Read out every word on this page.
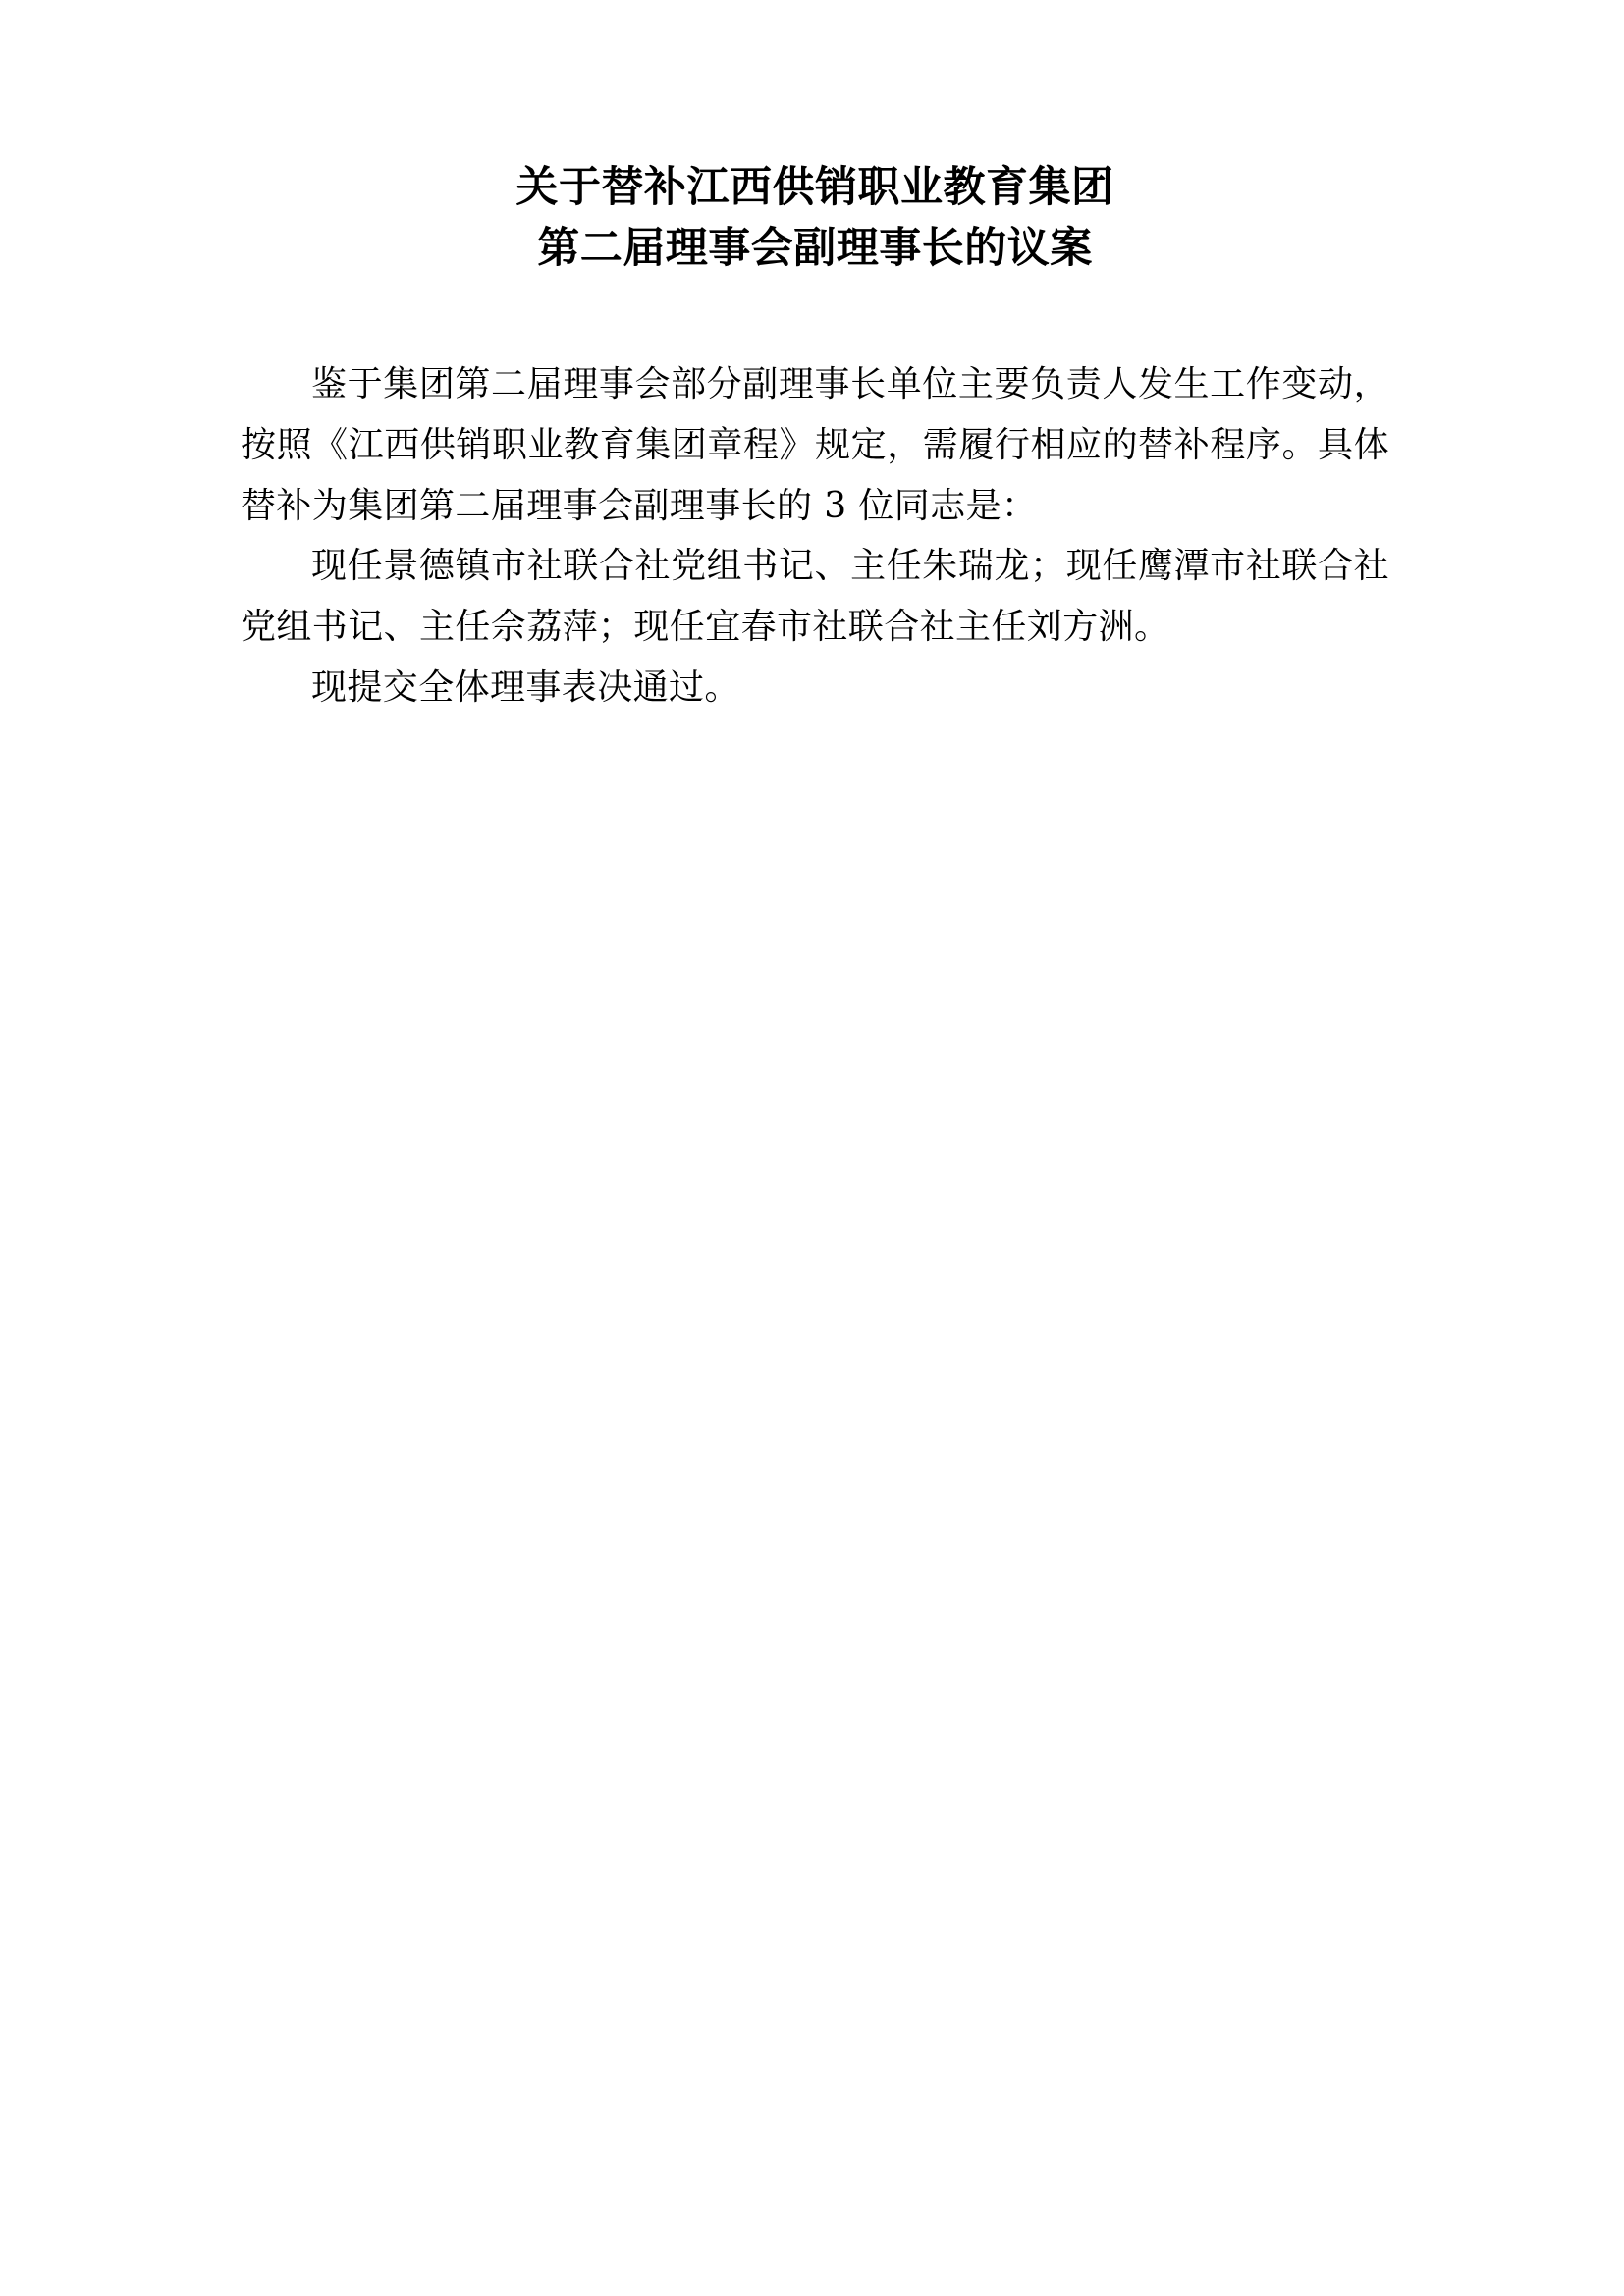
关于替补江西供销职业教育集团
第二届理事会副理事长的议案

鉴于集团第二届理事会部分副理事长单位主要负责人发生工作变动，按照《江西供销职业教育集团章程》规定，需履行相应的替补程序。具体替补为集团第二届理事会副理事长的 3 位同志是：

现任景德镇市社联合社党组书记、主任朱瑞龙；现任鹰潭市社联合社党组书记、主任佘荔萍；现任宜春市社联合社主任刘方洲。

现提交全体理事表决通过。
